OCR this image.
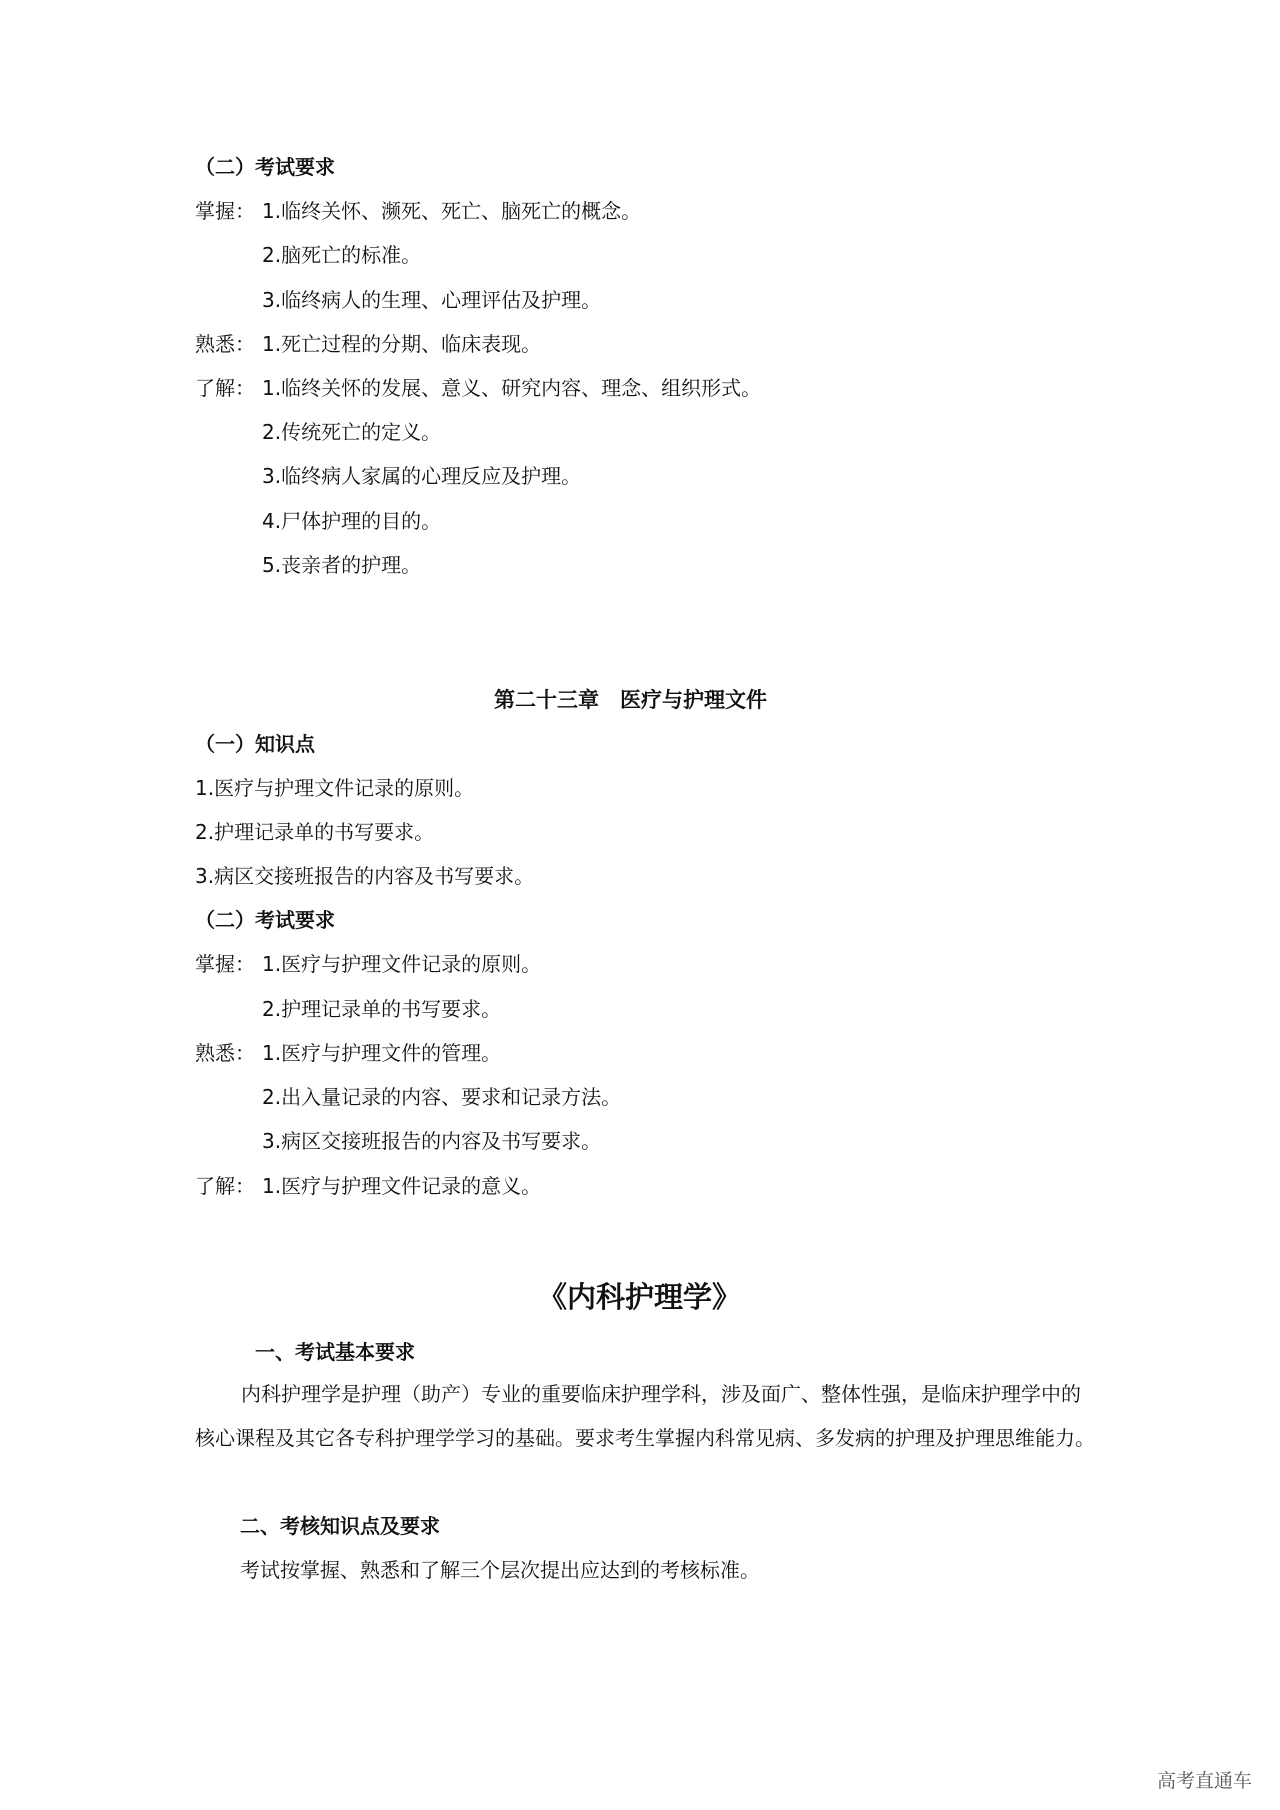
（二）考试要求
掌握： 1.临终关怀、濒死、死亡、脑死亡的概念。
2.脑死亡的标准。
3.临终病人的生理、心理评估及护理。
熟悉： 1.死亡过程的分期、临床表现。
了解： 1.临终关怀的发展、意义、研究内容、理念、组织形式。
2.传统死亡的定义。
3.临终病人家属的心理反应及护理。
4.尸体护理的目的。
5.丧亲者的护理。
第二十三章　医疗与护理文件
（一）知识点
1.医疗与护理文件记录的原则。
2.护理记录单的书写要求。
3.病区交接班报告的内容及书写要求。
（二）考试要求
掌握： 1.医疗与护理文件记录的原则。
2.护理记录单的书写要求。
熟悉： 1.医疗与护理文件的管理。
2.出入量记录的内容、要求和记录方法。
3.病区交接班报告的内容及书写要求。
了解： 1.医疗与护理文件记录的意义。
《内科护理学》
一、考试基本要求
内科护理学是护理（助产）专业的重要临床护理学科，涉及面广、整体性强，是临床护理学中的核心课程及其它各专科护理学学习的基础。要求考生掌握内科常见病、多发病的护理及护理思维能力。
二、考核知识点及要求
考试按掌握、熟悉和了解三个层次提出应达到的考核标准。
高考直通车
